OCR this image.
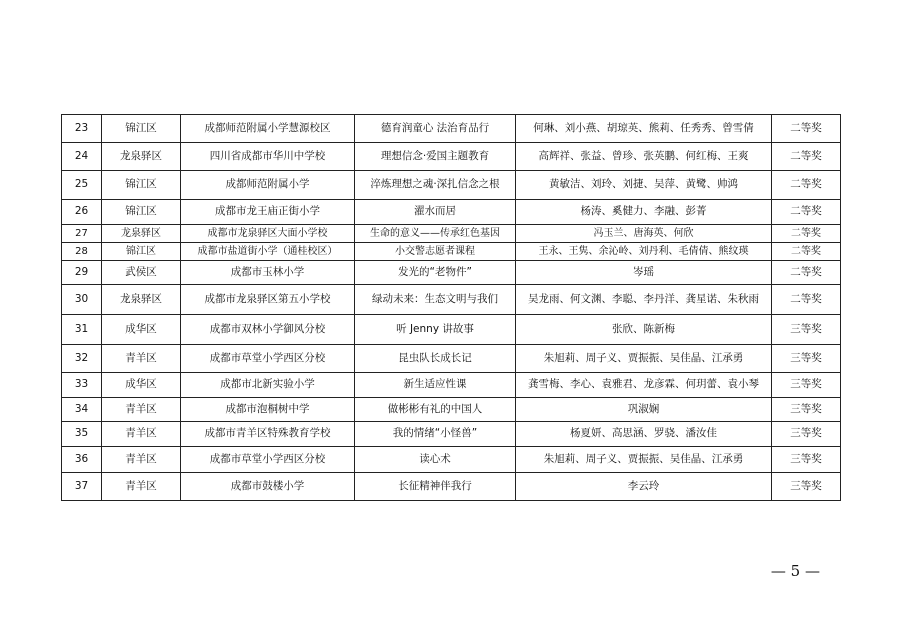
23	锦江区	成都师范附属小学慧源校区	德育润童心 法治育品行	何琳、刘小燕、胡琼英、熊莉、任秀秀、曾雪倩	二等奖
24	龙泉驿区	四川省成都市华川中学校	理想信念·爱国主题教育	高辉祥、张益、曾珍、张英鹏、何红梅、王爽	二等奖
25	锦江区	成都师范附属小学	淬炼理想之魂·深扎信念之根	黄敏洁、刘玲、刘捷、吴萍、黄鹭、帅鸿	二等奖
26	锦江区	成都市龙王庙正街小学	濯水而居	杨涛、奚健力、李融、彭菁	二等奖
27	龙泉驿区	成都市龙泉驿区大面小学校	生命的意义——传承红色基因	冯玉兰、唐海英、何欣	二等奖
28	锦江区	成都市盐道街小学（通桂校区）	小交警志愿者课程	王永、王隽、余沁岭、刘丹利、毛倩倩、熊纹瑛	二等奖
29	武侯区	成都市玉林小学	发光的“老物件”	岑瑶	二等奖
30	龙泉驿区	成都市龙泉驿区第五小学校	绿动未来：生态文明与我们	吴龙雨、何文渊、李聪、李丹洋、龚星诺、朱秋雨	二等奖
31	成华区	成都市双林小学御风分校	听 Jenny 讲故事	张欣、陈新梅	三等奖
32	青羊区	成都市草堂小学西区分校	昆虫队长成长记	朱旭莉、周子义、贾振振、吴佳晶、江承勇	三等奖
33	成华区	成都市北新实验小学	新生适应性课	龚雪梅、李心、袁雅君、龙彦霖、何玥蕾、袁小琴	三等奖
34	青羊区	成都市泡桐树中学	做彬彬有礼的中国人	巩淑娴	三等奖
35	青羊区	成都市青羊区特殊教育学校	我的情绪“小怪兽”	杨夏妍、高思涵、罗骁、潘汝佳	三等奖
36	青羊区	成都市草堂小学西区分校	读心术	朱旭莉、周子义、贾振振、吴佳晶、江承勇	三等奖
37	青羊区	成都市鼓楼小学	长征精神伴我行	李云玲	三等奖
— 5 —
